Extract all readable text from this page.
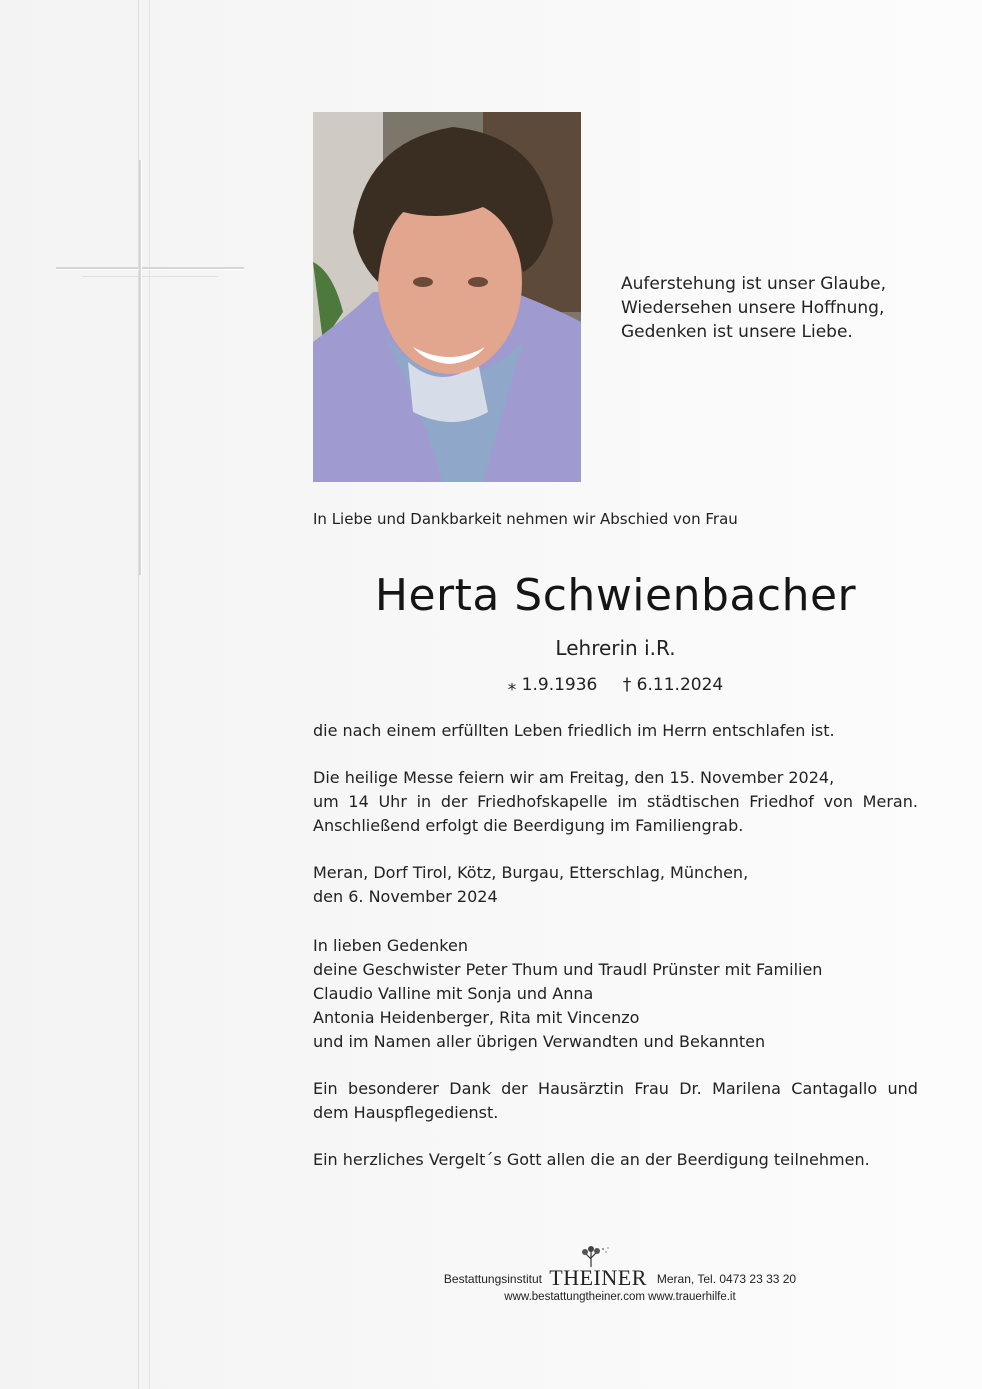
Auferstehung ist unser Glaube,
Wiedersehen unsere Hoffnung,
Gedenken ist unsere Liebe.
In Liebe und Dankbarkeit nehmen wir Abschied von Frau
Herta Schwienbacher
Lehrerin i.R.
⁎ 1.9.1936 † 6.11.2024

die nach einem erfüllten Leben friedlich im Herrn entschlafen ist.

Die heilige Messe feiern wir am Freitag, den 15. November 2024,
um 14 Uhr in der Friedhofskapelle im städtischen Friedhof von Meran.
Anschließend erfolgt die Beerdigung im Familiengrab.

Meran, Dorf Tirol, Kötz, Burgau, Etterschlag, München,
den 6. November 2024

In lieben Gedenken
deine Geschwister Peter Thum und Traudl Prünster mit Familien
Claudio Valline mit Sonja und Anna
Antonia Heidenberger, Rita mit Vincenzo
und im Namen aller übrigen Verwandten und Bekannten

Ein besonderer Dank der Hausärztin Frau Dr. Marilena Cantagallo und
dem Hauspflegedienst.

Ein herzliches Vergelt´s Gott allen die an der Beerdigung teilnehmen.

Bestattungsinstitut THEINER Meran, Tel. 0473 23 33 20
www.bestattungtheiner.com www.trauerhilfe.it
